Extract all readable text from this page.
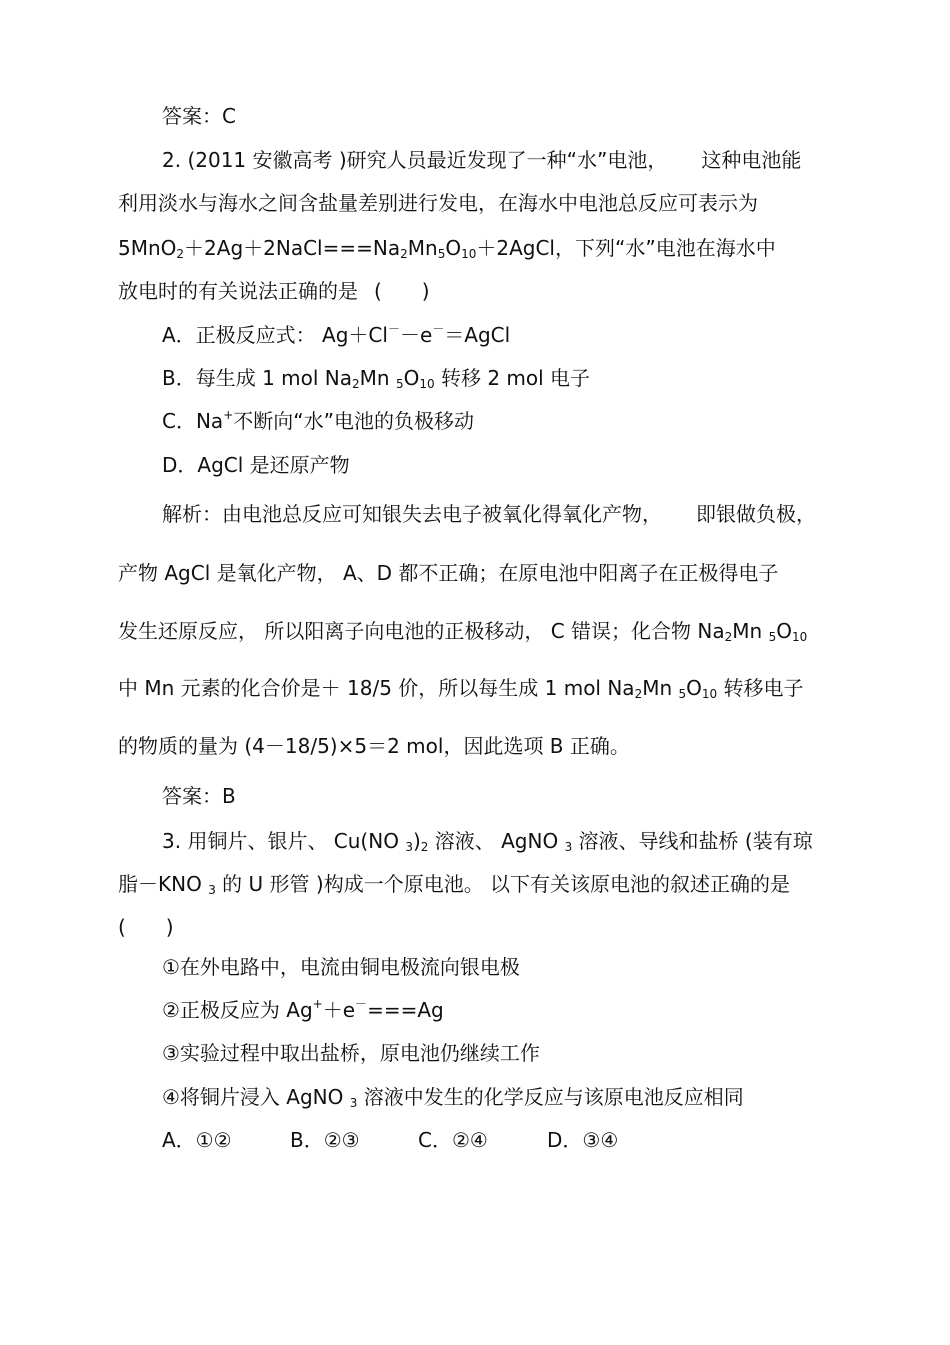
答案：C
2. (2011 安徽高考 )研究人员最近发现了一种“水”电池， 这种电池能
利用淡水与海水之间含盐量差别进行发电，在海水中电池总反应可表示为
$5MnO_2+2Ag+2NaCl===Na_2Mn_5O_{10}+2AgCl$，下列“水”电池在海水中
放电时的有关说法正确的是 (　　)
A．正极反应式： Ag＋Cl－－e－＝AgCl
B．每生成 1 mol $Na_2Mn$ $_5O_{10}$ 转移 2 mol 电子
C．Na+不断向“水”电池的负极移动
D．AgCl 是还原产物
解析：由电池总反应可知银失去电子被氧化得氧化产物， 即银做负极，
产物 AgCl 是氧化产物， A、D 都不正确；在原电池中阳离子在正极得电子
发生还原反应， 所以阳离子向电池的正极移动， C 错误；化合物 $Na_2Mn$ $_5O_{10}$
中 Mn 元素的化合价是＋ 18/5 价，所以每生成 1 mol $Na_2Mn$ $_5O_{10}$ 转移电子
的物质的量为 (4－18/5)×5＝2 mol，因此选项 B 正确。
答案：B
3. 用铜片、银片、 Cu(NO $_3)_2$ 溶液、 AgNO $_3$ 溶液、导线和盐桥 (装有琼
脂－KNO $_3$ 的 U 形管 )构成一个原电池。 以下有关该原电池的叙述正确的是
(　　)
①在外电路中，电流由铜电极流向银电极
②正极反应为 Ag+＋e－===Ag
③实验过程中取出盐桥，原电池仍继续工作
④将铜片浸入 AgNO $_3$ 溶液中发生的化学反应与该原电池反应相同
A．①②	B．②③	C．②④	D．③④
